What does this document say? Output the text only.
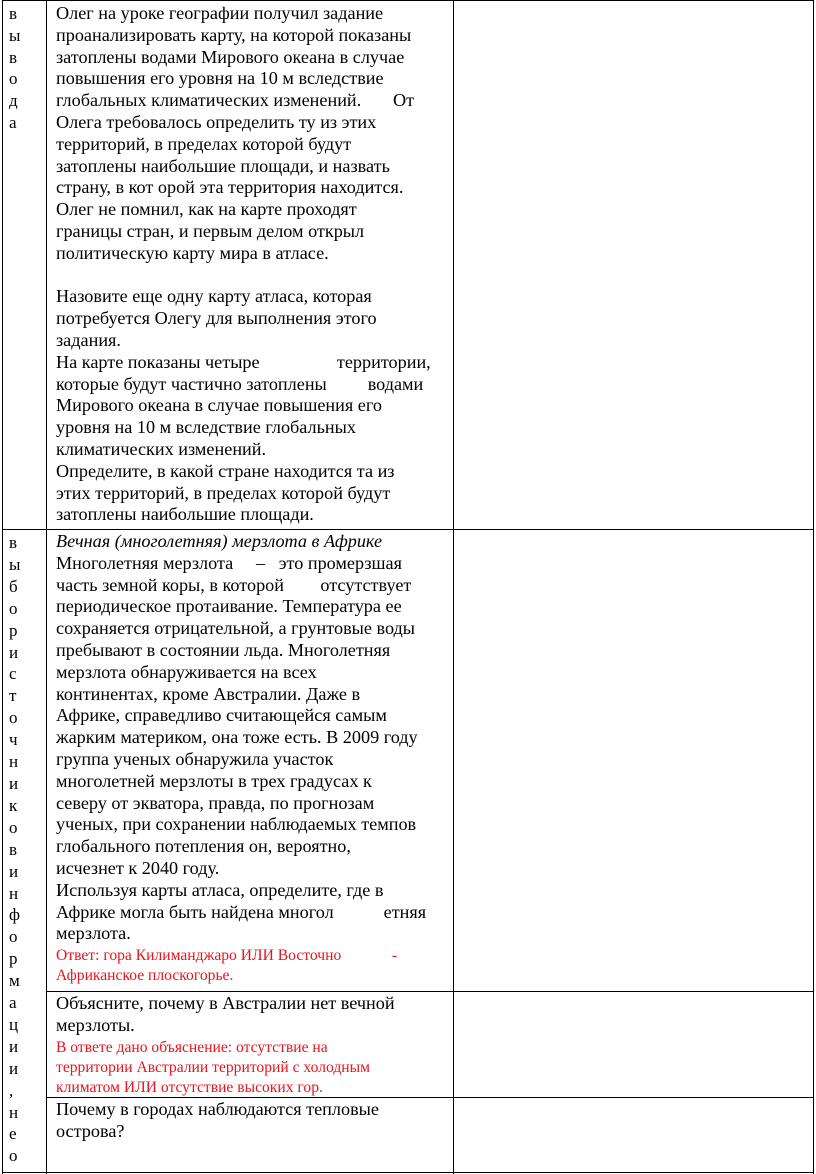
в
ы
в
о
д
а
Олег на уроке географии получил задание
проанализировать карту, на которой показаны
затоплены водами Мирового океана в случае
повышения его уровня на 10 м вследствие
глобальных климатических изменений.       От
Олега требовалось определить ту из этих
территорий, в пределах которой будут
затоплены наибольшие площади, и назвать
страну, в кот орой эта территория находится.
Олег не помнил, как на карте проходят
границы стран, и первым делом открыл
политическую карту мира в атласе.
Назовите еще одну карту атласа, которая
потребуется Олегу для выполнения этого
задания.
На карте показаны четыре                 территории,
которые будут частично затоплены         водами
Мирового океана в случае повышения его
уровня на 10 м вследствие глобальных
климатических изменений.
Определите, в какой стране находится та из
этих территорий, в пределах которой будут
затоплены наибольшие площади.
в
ы
б
о
р
и
с
т
о
ч
н
и
к
о
в
и
н
ф
о
р
м
а
ц
и
и
,
н
е
о
Вечная (многолетняя) мерзлота в Африке
Многолетняя мерзлота     –   это промерзшая
часть земной коры, в которой        отсутствует
периодическое протаивание. Температура ее
сохраняется отрицательной, а грунтовые воды
пребывают в состоянии льда. Многолетняя
мерзлота обнаруживается на всех
континентах, кроме Австралии. Даже в
Африке, справедливо считающейся самым
жарким материком, она тоже есть. В 2009 году
группа ученых обнаружила участок
многолетней мерзлоты в трех градусах к
северу от экватора, правда, по прогнозам
ученых, при сохранении наблюдаемых темпов
глобального потепления он, вероятно,
исчезнет к 2040 году.
Используя карты атласа, определите, где в
Африке могла быть найдена многол           етняя
мерзлота.
Ответ: гора Килиманджаро ИЛИ Восточно             -
Африканское плоскогорье.
Объясните, почему в Австралии нет вечной
мерзлоты.
В ответе дано объяснение: отсутствие на
территории Австралии территорий с холодным
климатом ИЛИ отсутствие высоких гор.
Почему в городах наблюдаются тепловые
острова?
